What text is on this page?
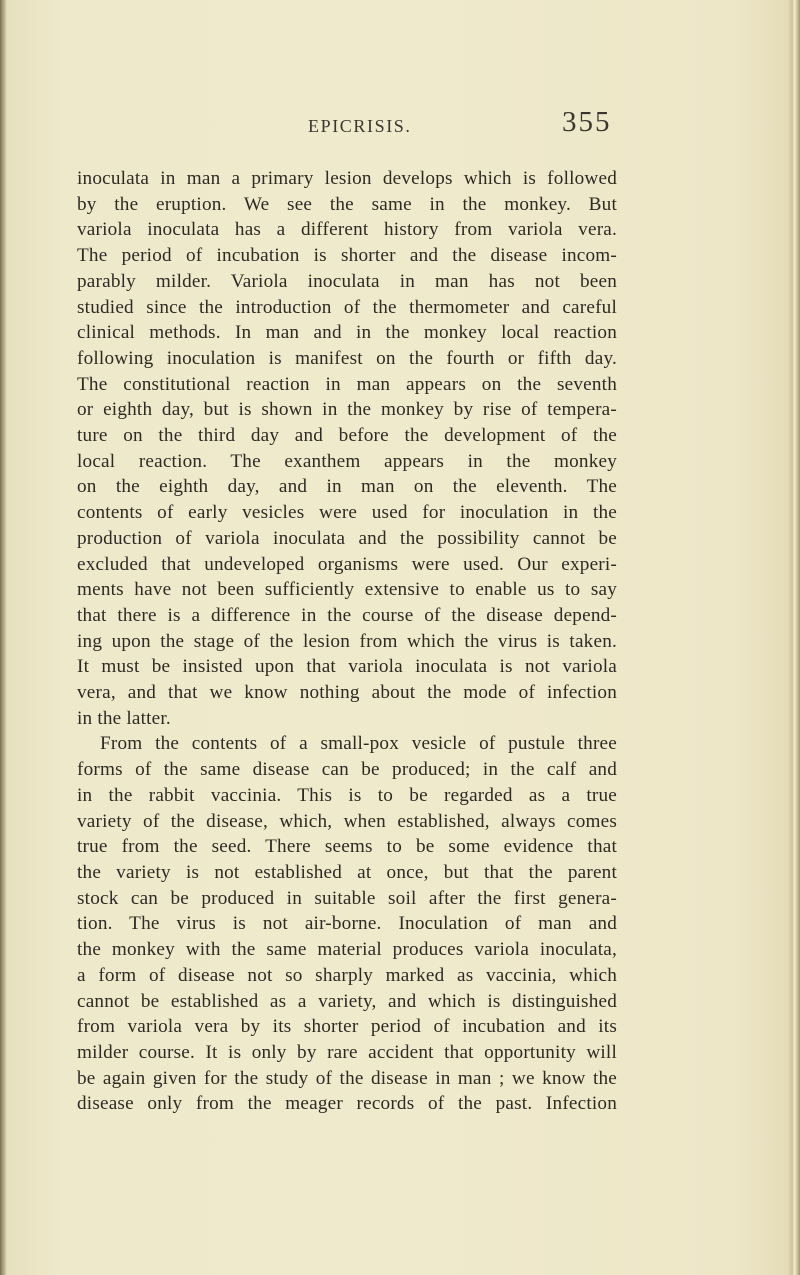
EPICRISIS.	355
inoculata in man a primary lesion develops which is followed
by the eruption. We see the same in the monkey. But
variola inoculata has a different history from variola vera.
The period of incubation is shorter and the disease incom-
parably milder. Variola inoculata in man has not been
studied since the introduction of the thermometer and careful
clinical methods. In man and in the monkey local reaction
following inoculation is manifest on the fourth or fifth day.
The constitutional reaction in man appears on the seventh
or eighth day, but is shown in the monkey by rise of tempera-
ture on the third day and before the development of the
local reaction. The exanthem appears in the monkey
on the eighth day, and in man on the eleventh. The
contents of early vesicles were used for inoculation in the
production of variola inoculata and the possibility cannot be
excluded that undeveloped organisms were used. Our experi-
ments have not been sufficiently extensive to enable us to say
that there is a difference in the course of the disease depend-
ing upon the stage of the lesion from which the virus is taken.
It must be insisted upon that variola inoculata is not variola
vera, and that we know nothing about the mode of infection
in the latter.
From the contents of a small-pox vesicle of pustule three
forms of the same disease can be produced; in the calf and
in the rabbit vaccinia. This is to be regarded as a true
variety of the disease, which, when established, always comes
true from the seed. There seems to be some evidence that
the variety is not established at once, but that the parent
stock can be produced in suitable soil after the first genera-
tion. The virus is not air-borne. Inoculation of man and
the monkey with the same material produces variola inoculata,
a form of disease not so sharply marked as vaccinia, which
cannot be established as a variety, and which is distinguished
from variola vera by its shorter period of incubation and its
milder course. It is only by rare accident that opportunity will
be again given for the study of the disease in man ; we know the
disease only from the meager records of the past. Infection
